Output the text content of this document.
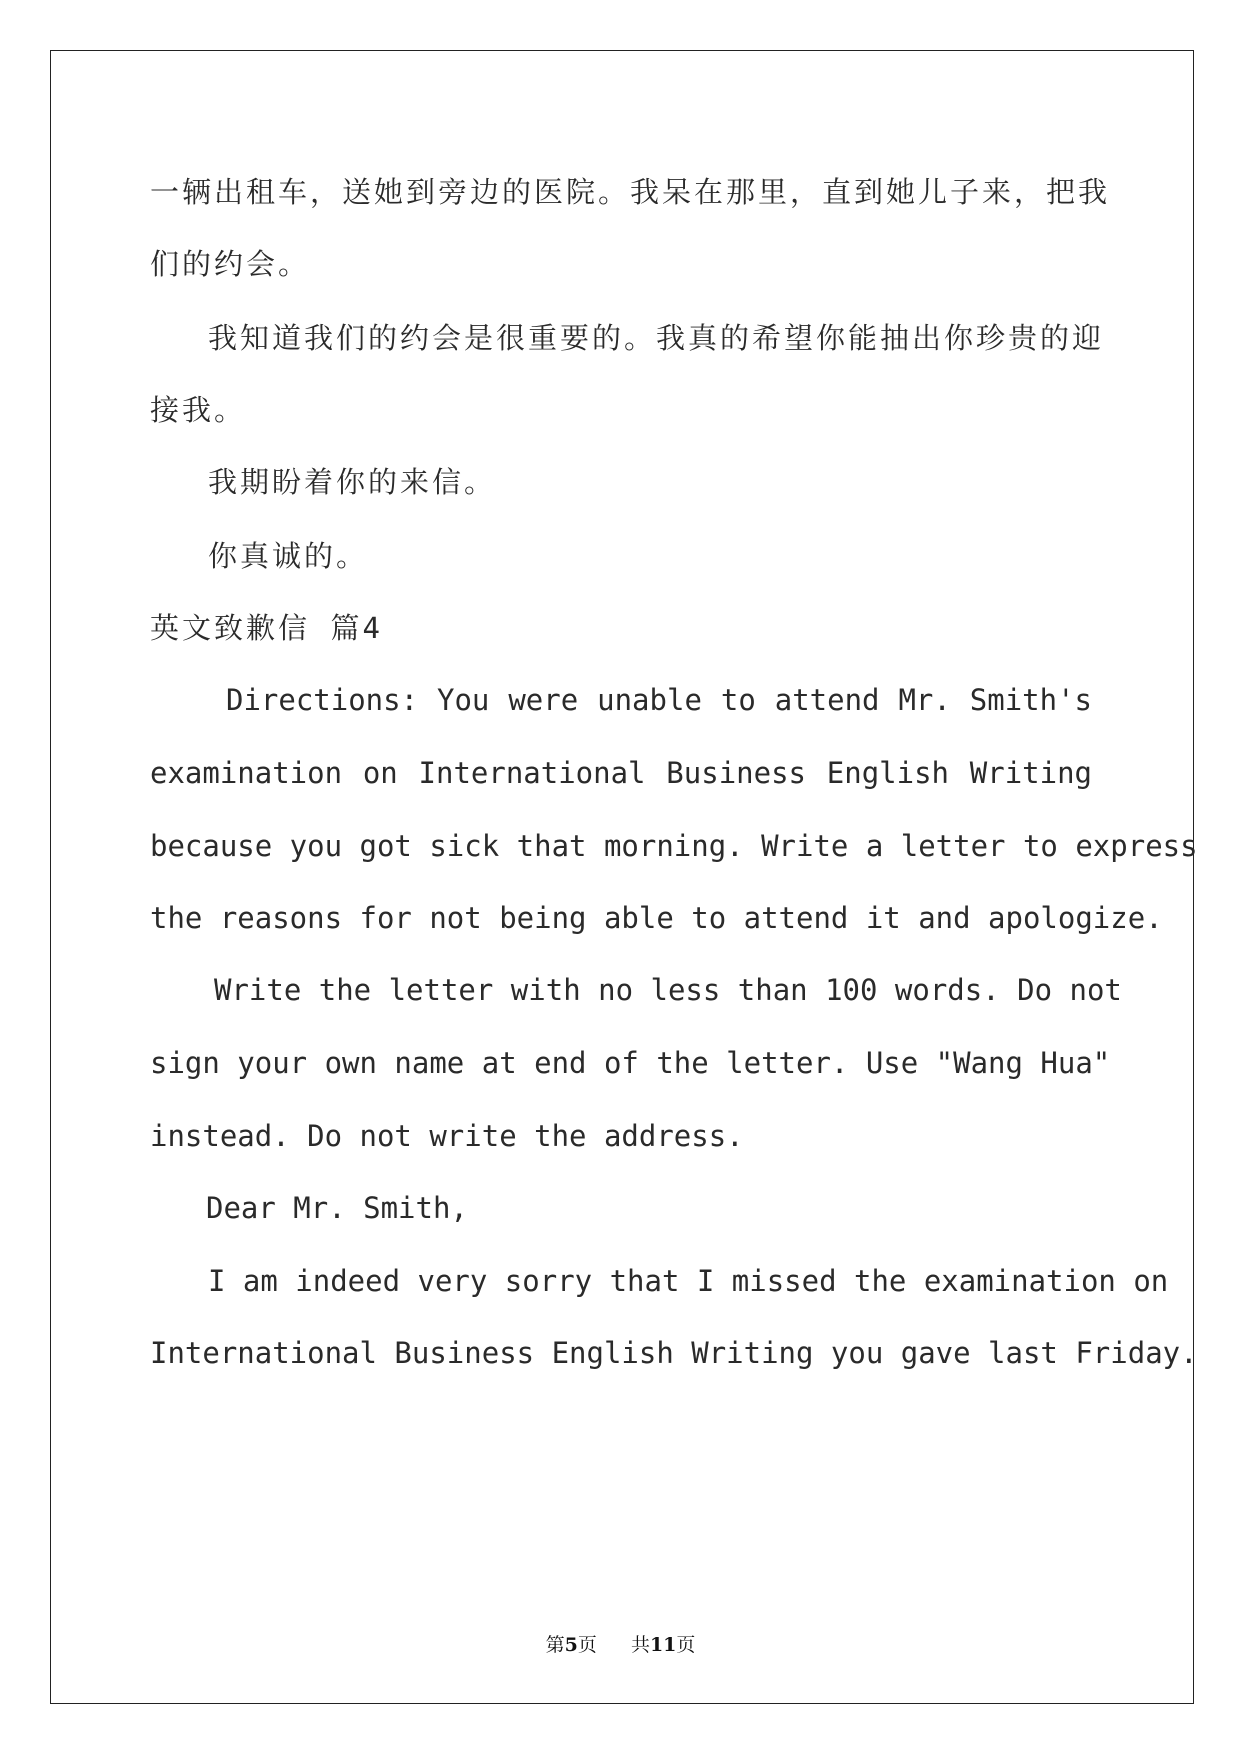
一辆出租车，送她到旁边的医院。我呆在那里，直到她儿子来，把我
们的约会。
我知道我们的约会是很重要的。我真的希望你能抽出你珍贵的迎
接我。
我期盼着你的来信。
你真诚的。
英文致歉信 篇4
Directions: You were unable to attend Mr. Smith's
examination on International Business English Writing
because you got sick that morning. Write a letter to express
the reasons for not being able to attend it and apologize.
Write the letter with no less than 100 words. Do not
sign your own name at end of the letter. Use "Wang Hua"
instead. Do not write the address.
Dear Mr. Smith,
I am indeed very sorry that I missed the examination on
International Business English Writing you gave last Friday.
第5页 共11页
